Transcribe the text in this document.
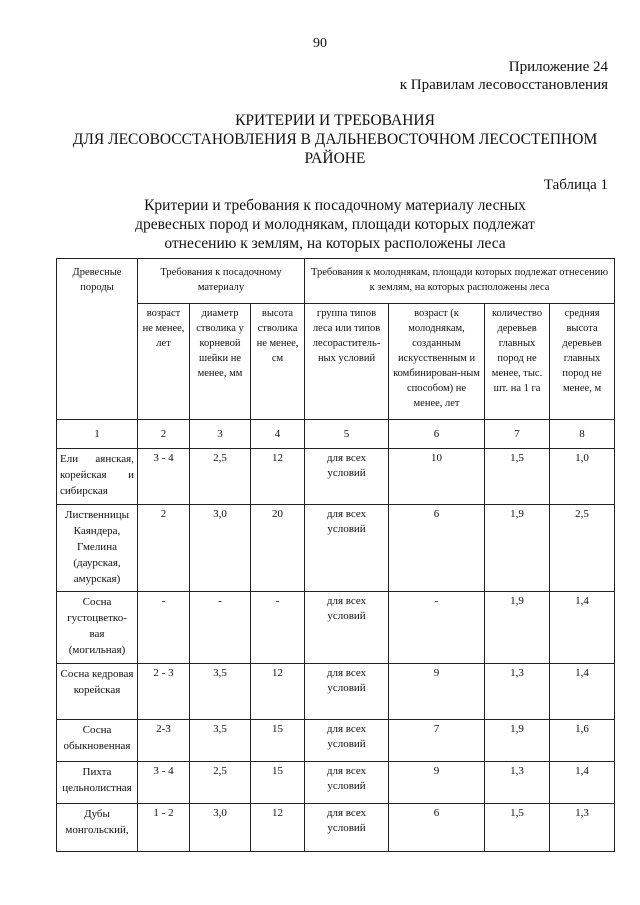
90
Приложение 24
к Правилам лесовосстановления
КРИТЕРИИ И ТРЕБОВАНИЯ
ДЛЯ ЛЕСОВОССТАНОВЛЕНИЯ В ДАЛЬНЕВОСТОЧНОМ ЛЕСОСТЕПНОМ
РАЙОНЕ
Таблица 1
Критерии и требования к посадочному материалу лесных
древесных пород и молоднякам, площади которых подлежат
отнесению к землям, на которых расположены леса
Древесные породы	Требования к посадочному материалу			Требования к молоднякам, площади которых подлежат отнесению к землям, на которых расположены леса			
	возраст не менее, лет	диаметр стволика у корневой шейки не менее, мм	высота стволика не менее, см	группа типов леса или типов лесораститель-ных условий	возраст (к молоднякам, созданным искусственным и комбинирован-ным способом) не менее, лет	количество деревьев главных пород не менее, тыс. шт. на 1 га	средняя высота деревьев главных пород не менее, м
1	2	3	4	5	6	7	8
Ели аянская, корейская и сибирская	3 - 4	2,5	12	для всех условий	10	1,5	1,0
Лиственницы Каяндера, Гмелина (даурская, амурская)	2	3,0	20	для всех условий	6	1,9	2,5
Сосна густоцветко-вая (могильная)	-	-	-	для всех условий	-	1,9	1,4
Сосна кедровая корейская	2 - 3	3,5	12	для всех условий	9	1,3	1,4
Сосна обыкновенная	2-3	3,5	15	для всех условий	7	1,9	1,6
Пихта цельнолистная	3 - 4	2,5	15	для всех условий	9	1,3	1,4
Дубы монгольский,	1 - 2	3,0	12	для всех условий	6	1,5	1,3
